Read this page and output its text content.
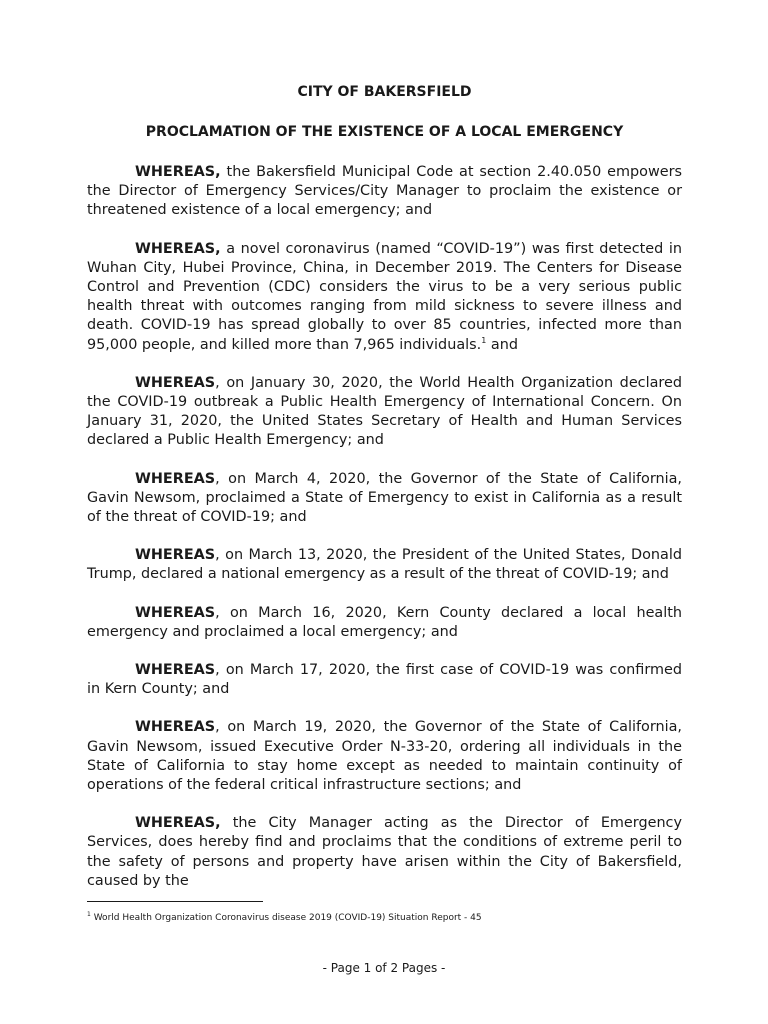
CITY OF BAKERSFIELD
PROCLAMATION OF THE EXISTENCE OF A LOCAL EMERGENCY

WHEREAS, the Bakersfield Municipal Code at section 2.40.050 empowers the Director of Emergency Services/City Manager to proclaim the existence or threatened existence of a local emergency; and

WHEREAS, a novel coronavirus (named “COVID-19”) was first detected in Wuhan City, Hubei Province, China, in December 2019. The Centers for Disease Control and Prevention (CDC) considers the virus to be a very serious public health threat with outcomes ranging from mild sickness to severe illness and death. COVID-19 has spread globally to over 85 countries, infected more than 95,000 people, and killed more than 7,965 individuals.$^1$ and

WHEREAS, on January 30, 2020, the World Health Organization declared the COVID-19 outbreak a Public Health Emergency of International Concern. On January 31, 2020, the United States Secretary of Health and Human Services declared a Public Health Emergency; and

WHEREAS, on March 4, 2020, the Governor of the State of California, Gavin Newsom, proclaimed a State of Emergency to exist in California as a result of the threat of COVID-19; and

WHEREAS, on March 13, 2020, the President of the United States, Donald Trump, declared a national emergency as a result of the threat of COVID-19; and

WHEREAS, on March 16, 2020, Kern County declared a local health emergency and proclaimed a local emergency; and

WHEREAS, on March 17, 2020, the first case of COVID-19 was confirmed in Kern County; and

WHEREAS, on March 19, 2020, the Governor of the State of California, Gavin Newsom, issued Executive Order N-33-20, ordering all individuals in the State of California to stay home except as needed to maintain continuity of operations of the federal critical infrastructure sections; and

WHEREAS, the City Manager acting as the Director of Emergency Services, does hereby find and proclaims that the conditions of extreme peril to the safety of persons and property have arisen within the City of Bakersfield, caused by the

$^1$ World Health Organization Coronavirus disease 2019 (COVID-19) Situation Report - 45
- Page 1 of 2 Pages -
